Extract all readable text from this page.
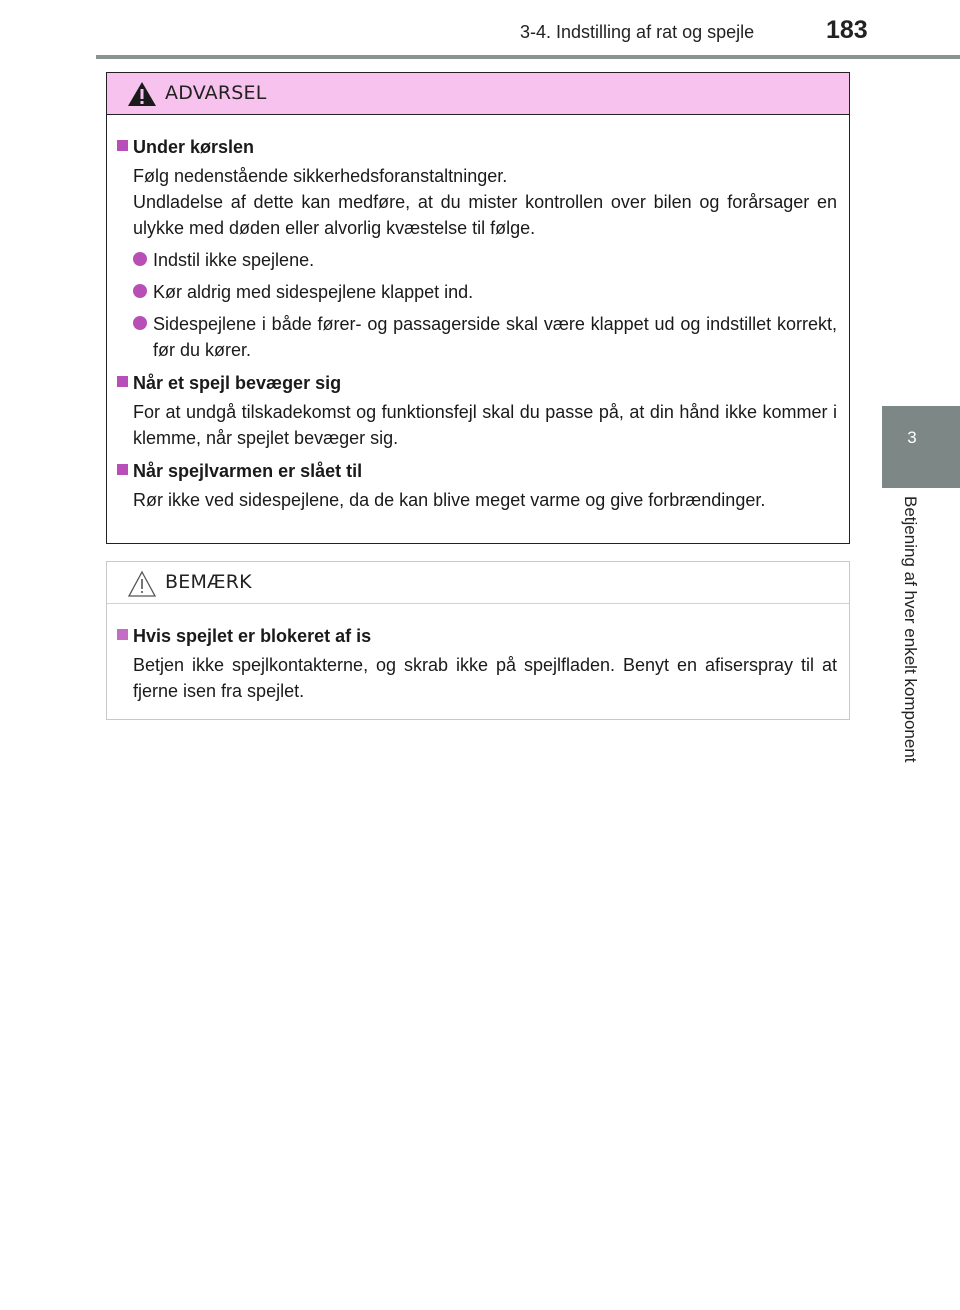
3-4. Indstilling af rat og spejle	183
3
Betjening af hver enkelt komponent
ADVARSEL
Under kørslen
Følg nedenstående sikkerhedsforanstaltninger.
Undladelse af dette kan medføre, at du mister kontrollen over bilen og forårsager en ulykke med døden eller alvorlig kvæstelse til følge.
Indstil ikke spejlene.
Kør aldrig med sidespejlene klappet ind.
Sidespejlene i både fører- og passagerside skal være klappet ud og indstillet korrekt, før du kører.
Når et spejl bevæger sig
For at undgå tilskadekomst og funktionsfejl skal du passe på, at din hånd ikke kommer i klemme, når spejlet bevæger sig.
Når spejlvarmen er slået til
Rør ikke ved sidespejlene, da de kan blive meget varme og give forbrændinger.
BEMÆRK
Hvis spejlet er blokeret af is
Betjen ikke spejlkontakterne, og skrab ikke på spejlfladen. Benyt en afiserspray til at fjerne isen fra spejlet.
